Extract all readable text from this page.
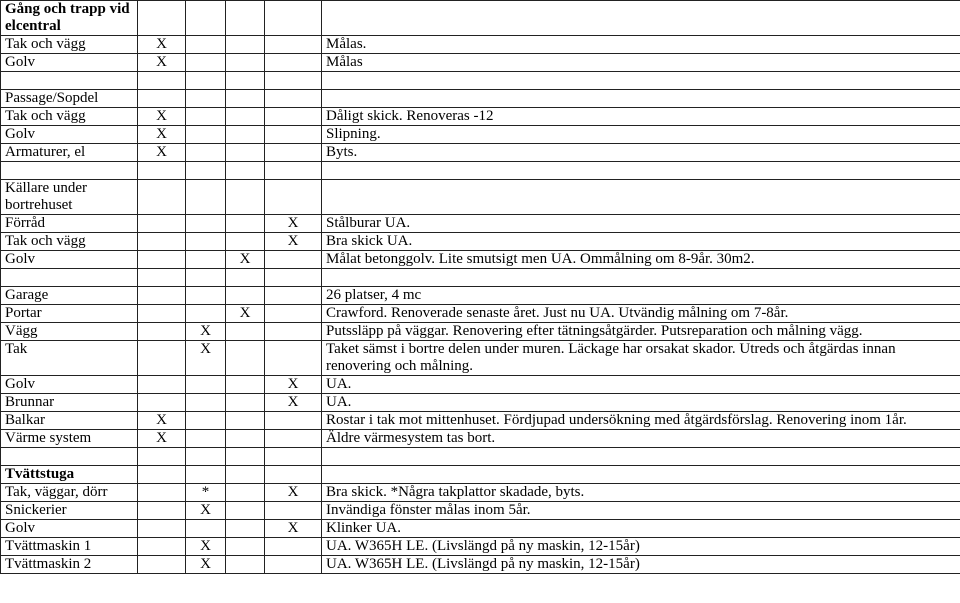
Gång och trapp vid elcentral					
Tak och vägg	X				Målas.
Golv	X				Målas

Passage/Sopdel					
Tak och vägg	X				Dåligt skick. Renoveras -12
Golv	X				Slipning.
Armaturer, el	X				Byts.

Källare under bortrehuset					
Förråd				X	Stålburar UA.
Tak och vägg				X	Bra skick UA.
Golv			X		Målat betonggolv. Lite smutsigt men UA. Ommålning om 8-9år. 30m2.

Garage					26 platser, 4 mc
Portar			X		Crawford. Renoverade senaste året. Just nu UA. Utvändig målning om 7-8år.
Vägg		X			Putssläpp på väggar. Renovering efter tätningsåtgärder. Putsreparation och målning vägg.
Tak		X			Taket sämst i bortre delen under muren. Läckage har orsakat skador. Utreds och åtgärdas innan renovering och målning.
Golv				X	UA.
Brunnar				X	UA.
Balkar	X				Rostar i tak mot mittenhuset. Fördjupad undersökning med åtgärdsförslag. Renovering inom 1år.
Värme system	X				Äldre värmesystem tas bort.

Tvättstuga					
Tak, väggar, dörr		*		X	Bra skick. *Några takplattor skadade, byts.
Snickerier		X			Invändiga fönster målas inom 5år.
Golv				X	Klinker UA.
Tvättmaskin 1		X			UA. W365H LE. (Livslängd på ny maskin, 12-15år)
Tvättmaskin 2		X			UA. W365H LE. (Livslängd på ny maskin, 12-15år)
